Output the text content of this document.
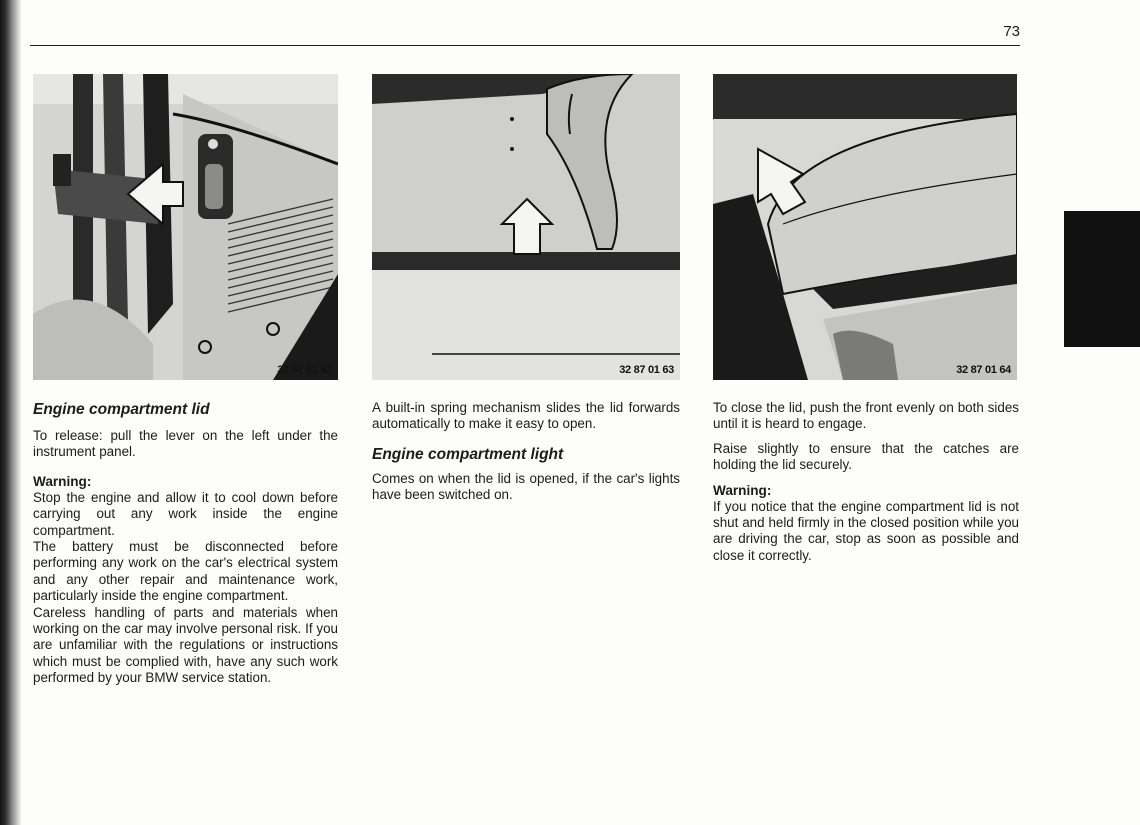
73
32 87 01 62	32 87 01 63	32 87 01 64
Engine compartment lid

To release: pull the lever on the left under the instrument panel.

Warning:

Stop the engine and allow it to cool down before carrying out any work inside the engine compartment.

The battery must be disconnected before performing any work on the car's electrical system and any other repair and maintenance work, particularly inside the engine compartment.

Careless handling of parts and materials when working on the car may involve personal risk. If you are unfamiliar with the regulations or instructions which must be complied with, have any such work performed by your BMW service station.

A built-in spring mechanism slides the lid forwards automatically to make it easy to open.

Engine compartment light

Comes on when the lid is opened, if the car's lights have been switched on.

To close the lid, push the front evenly on both sides until it is heard to engage.

Raise slightly to ensure that the catches are holding the lid securely.

Warning:

If you notice that the engine compartment lid is not shut and held firmly in the closed position while you are driving the car, stop as soon as possible and close it correctly.
